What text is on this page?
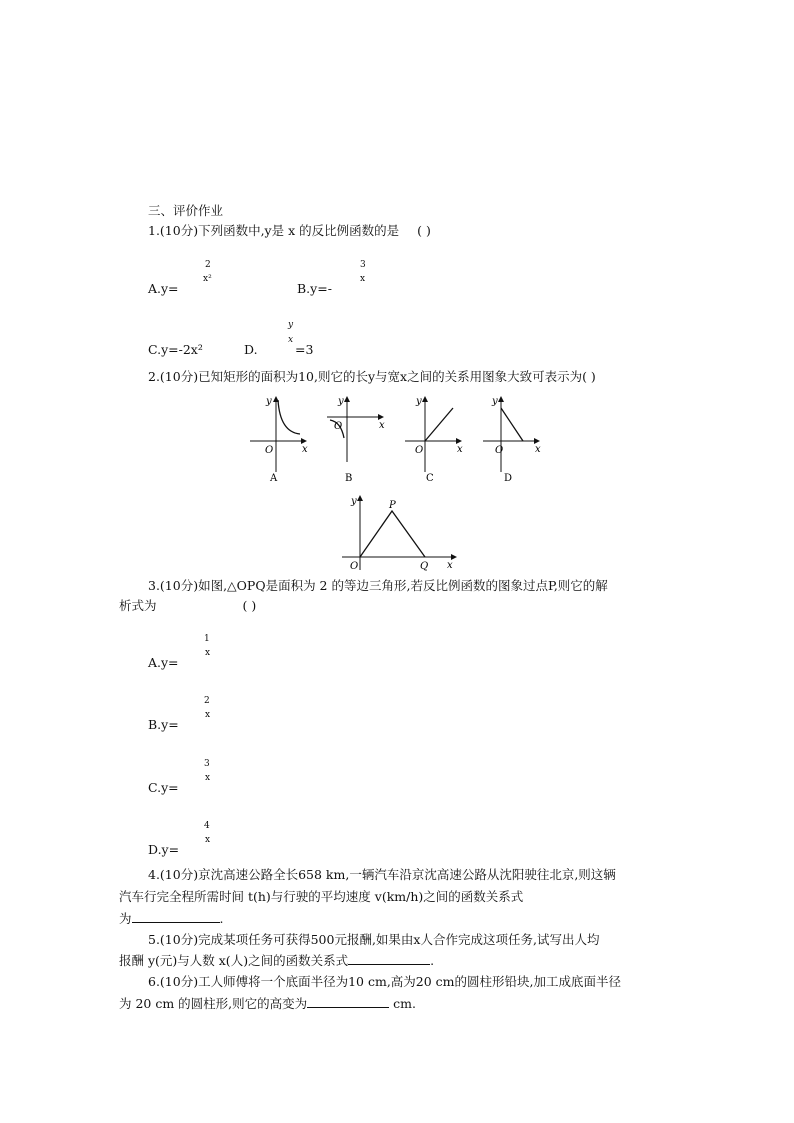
三、评价作业
1.(10分)下列函数中,y是 x 的反比例函数的是 ( )
2
x²
A.y=
3
x
B.y=-
C.y=-2x²
y
x
D.	=3
2.(10分)已知矩形的面积为10,则它的长y与宽x之间的关系用图象大致可表示为( )
y
x
O
A
y
x
O
B
y
x
O
C
y
x
O
D
y
x
O
P
Q
3.(10分)如图,△OPQ是面积为 2 的等边三角形,若反比例函数的图象过点P,则它的解
析式为	( )
1
x
A.y=
2
x
B.y=
3
x
C.y=
4
x
D.y=
4.(10分)京沈高速公路全长658 km,一辆汽车沿京沈高速公路从沈阳驶往北京,则这辆
汽车行完全程所需时间 t(h)与行驶的平均速度 v(km/h)之间的函数关系式
为	.
5.(10分)完成某项任务可获得500元报酬,如果由x人合作完成这项任务,试写出人均
报酬 y(元)与人数 x(人)之间的函数关系式	.
6.(10分)工人师傅将一个底面半径为10 cm,高为20 cm的圆柱形铅块,加工成底面半径
为 20 cm 的圆柱形,则它的高变为	cm.
